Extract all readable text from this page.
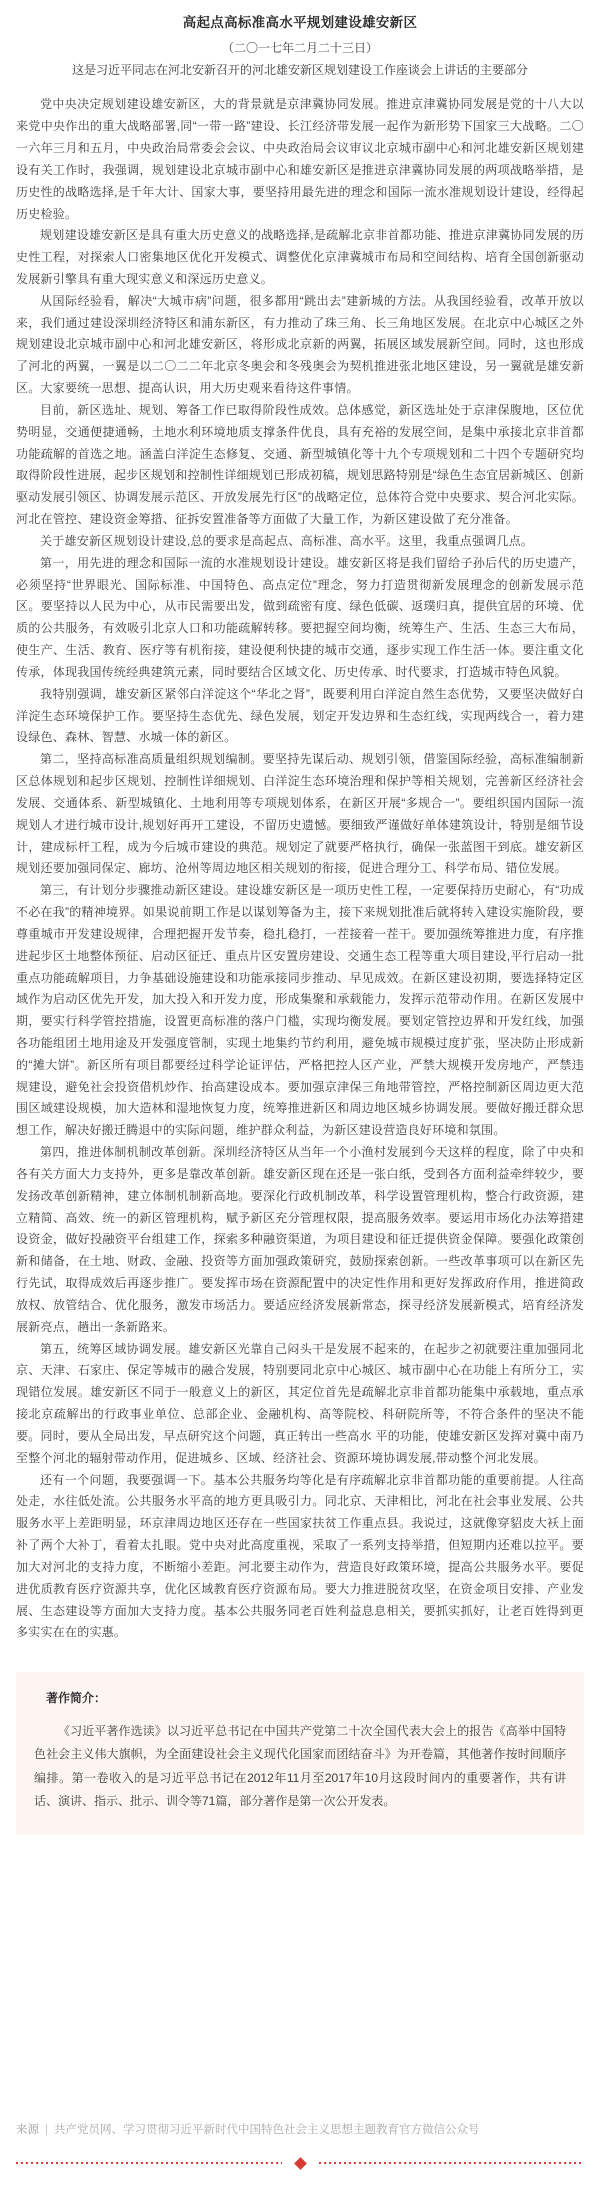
高起点高标准高水平规划建设雄安新区
（二〇一七年二月二十三日）
这是习近平同志在河北安新召开的河北雄安新区规划建设工作座谈会上讲话的主要部分

党中央决定规划建设雄安新区，大的背景就是京津冀协同发展。推进京津冀协同发展是党的十八大以来党中央作出的重大战略部署,同“一带一路”建设、长江经济带发展一起作为新形势下国家三大战略。二〇一六年三月和五月，中央政治局常委会会议、中央政治局会议审议北京城市副中心和河北雄安新区规划建设有关工作时，我强调，规划建设北京城市副中心和雄安新区是推进京津冀协同发展的两项战略举措，是历史性的战略选择,是千年大计、国家大事，要坚持用最先进的理念和国际一流水准规划设计建设，经得起历史检验。

规划建设雄安新区是具有重大历史意义的战略选择,是疏解北京非首都功能、推进京津冀协同发展的历史性工程，对探索人口密集地区优化开发模式、调整优化京津冀城市布局和空间结构、培育全国创新驱动发展新引擎具有重大现实意义和深远历史意义。

从国际经验看，解决“大城市病”问题，很多都用“跳出去”建新城的方法。从我国经验看，改革开放以来，我们通过建设深圳经济特区和浦东新区，有力推动了珠三角、长三角地区发展。在北京中心城区之外规划建设北京城市副中心和河北雄安新区，将形成北京新的两翼，拓展区域发展新空间。同时，这也形成了河北的两翼，一翼是以二〇二二年北京冬奥会和冬残奥会为契机推进张北地区建设，另一翼就是雄安新区。大家要统一思想、提高认识，用大历史观来看待这件事情。

目前，新区选址、规划、筹备工作已取得阶段性成效。总体感觉，新区选址处于京津保腹地，区位优势明显，交通便捷通畅，土地水利环境地质支撑条件优良，具有充裕的发展空间，是集中承接北京非首都功能疏解的首选之地。涵盖白洋淀生态修复、交通、新型城镇化等十九个专项规划和二十四个专题研究均取得阶段性进展，起步区规划和控制性详细规划已形成初稿，规划思路特别是“绿色生态宜居新城区、创新驱动发展引领区、协调发展示范区、开放发展先行区”的战略定位，总体符合党中央要求、契合河北实际。河北在管控、建设资金筹措、征拆安置准备等方面做了大量工作，为新区建设做了充分准备。

关于雄安新区规划设计建设,总的要求是高起点、高标准、高水平。这里，我重点强调几点。

第一，用先进的理念和国际一流的水准规划设计建设。雄安新区将是我们留给子孙后代的历史遗产，必须坚持“世界眼光、国际标准、中国特色、高点定位”理念，努力打造贯彻新发展理念的创新发展示范区。要坚持以人民为中心，从市民需要出发，做到疏密有度、绿色低碳、返璞归真，提供宜居的环境、优质的公共服务，有效吸引北京人口和功能疏解转移。要把握空间均衡，统筹生产、生活、生态三大布局，使生产、生活、教育、医疗等有机衔接，建设便利快捷的城市交通，逐步实现工作生活一体。要注重文化传承，体现我国传统经典建筑元素，同时要结合区域文化、历史传承、时代要求，打造城市特色风貌。

我特别强调，雄安新区紧邻白洋淀这个“华北之肾”，既要利用白洋淀自然生态优势，又要坚决做好白洋淀生态环境保护工作。要坚持生态优先、绿色发展，划定开发边界和生态红线，实现两线合一，着力建设绿色、森林、智慧、水城一体的新区。

第二，坚持高标准高质量组织规划编制。要坚持先谋后动、规划引领，借鉴国际经验，高标准编制新区总体规划和起步区规划、控制性详细规划、白洋淀生态环境治理和保护等相关规划，完善新区经济社会发展、交通体系、新型城镇化、土地利用等专项规划体系，在新区开展“多规合一”。要组织国内国际一流规划人才进行城市设计,规划好再开工建设，不留历史遗憾。要细致严谨做好单体建筑设计，特别是细节设计，建成标杆工程，成为今后城市建设的典范。规划定了就要严格执行，确保一张蓝图干到底。雄安新区规划还要加强同保定、廊坊、沧州等周边地区相关规划的衔接，促进合理分工、科学布局、错位发展。

第三，有计划分步骤推动新区建设。建设雄安新区是一项历史性工程，一定要保持历史耐心，有“功成不必在我”的精神境界。如果说前期工作是以谋划筹备为主，接下来规划批准后就将转入建设实施阶段，要尊重城市开发建设规律，合理把握开发节奏，稳扎稳打，一茬接着一茬干。要加强统筹推进力度，有序推进起步区土地整体预征、启动区征迁、重点片区安置房建设、交通生态工程等重大项目建设,平行启动一批重点功能疏解项目，力争基础设施建设和功能承接同步推动、早见成效。在新区建设初期，要选择特定区域作为启动区优先开发，加大投入和开发力度，形成集聚和承载能力，发挥示范带动作用。在新区发展中期，要实行科学管控措施，设置更高标准的落户门槛，实现均衡发展。要划定管控边界和开发红线，加强各功能组团土地用途及开发强度管制，实现土地集约节约利用，避免城市规模过度扩张，坚决防止形成新的“摊大饼”。新区所有项目都要经过科学论证评估，严格把控人区产业，严禁大规模开发房地产，严禁违规建设，避免社会投资借机炒作、抬高建设成本。要加强京津保三角地带管控，严格控制新区周边更大范围区域建设规模，加大造林和湿地恢复力度，统筹推进新区和周边地区城乡协调发展。要做好搬迁群众思想工作，解决好搬迁腾退中的实际问题，维护群众利益，为新区建设营造良好环境和氛围。

第四，推进体制机制改革创新。深圳经济特区从当年一个小渔村发展到今天这样的程度，除了中央和各有关方面大力支持外，更多是靠改革创新。雄安新区现在还是一张白纸，受到各方面利益牵绊较少，要发扬改革创新精神，建立体制机制新高地。要深化行政机制改革，科学设置管理机构，整合行政资源，建立精简、高效、统一的新区管理机构，赋予新区充分管理权限，提高服务效率。要运用市场化办法筹措建设资金，做好投融资平台组建工作，探索多种融资渠道，为项目建设和征迁提供资金保障。要强化政策创新和储备，在土地、财政、金融、投资等方面加强政策研究，鼓励探索创新。一些改革事项可以在新区先行先试，取得成效后再逐步推广。要发挥市场在资源配置中的决定性作用和更好发挥政府作用，推进简政放权、放管结合、优化服务，激发市场活力。要适应经济发展新常态，探寻经济发展新模式，培育经济发展新亮点，趟出一条新路来。

第五，统筹区域协调发展。雄安新区光靠自己闷头干是发展不起来的，在起步之初就要注重加强同北京、天津、石家庄、保定等城市的融合发展，特别要同北京中心城区、城市副中心在功能上有所分工，实现错位发展。雄安新区不同于一般意义上的新区，其定位首先是疏解北京非首都功能集中承载地，重点承接北京疏解出的行政事业单位、总部企业、金融机构、高等院校、科研院所等，不符合条件的坚决不能要。同时，要从全局出发，早点研究这个问题，真正转出一些高水 平的功能，使雄安新区发挥对冀中南乃至整个河北的辐射带动作用，促进城乡、区域、经济社会、资源环境协调发展,带动整个河北发展。

还有一个问题，我要强调一下。基本公共服务均等化是有序疏解北京非首都功能的重要前提。人往高处走，水往低处流。公共服务水平高的地方更具吸引力。同北京、天津相比，河北在社会事业发展、公共服务水平上差距明显，环京津周边地区还存在一些国家扶贫工作重点县。我说过，这就像穿貂皮大袄上面补了两个大补丁，看着太扎眼。党中央对此高度重视，采取了一系列支持举措，但短期内还难以拉平。要加大对河北的支持力度，不断缩小差距。河北要主动作为，营造良好政策环境，提高公共服务水平。要促进优质教育医疗资源共享，优化区域教育医疗资源布局。要大力推进脱贫攻坚，在资金项目安排、产业发展、生态建设等方面加大支持力度。基本公共服务同老百姓利益息息相关，要抓实抓好，让老百姓得到更多实实在在的实惠。

著作简介：

《习近平著作选读》以习近平总书记在中国共产党第二十次全国代表大会上的报告《高举中国特色社会主义伟大旗帜，为全面建设社会主义现代化国家而团结奋斗》为开卷篇，其他著作按时间顺序编排。第一卷收入的是习近平总书记在2012年11月至2017年10月这段时间内的重要著作，共有讲话、演讲、指示、批示、训令等71篇，部分著作是第一次公开发表。

来源 | 共产党员网、学习贯彻习近平新时代中国特色社会主义思想主题教育官方微信公众号
